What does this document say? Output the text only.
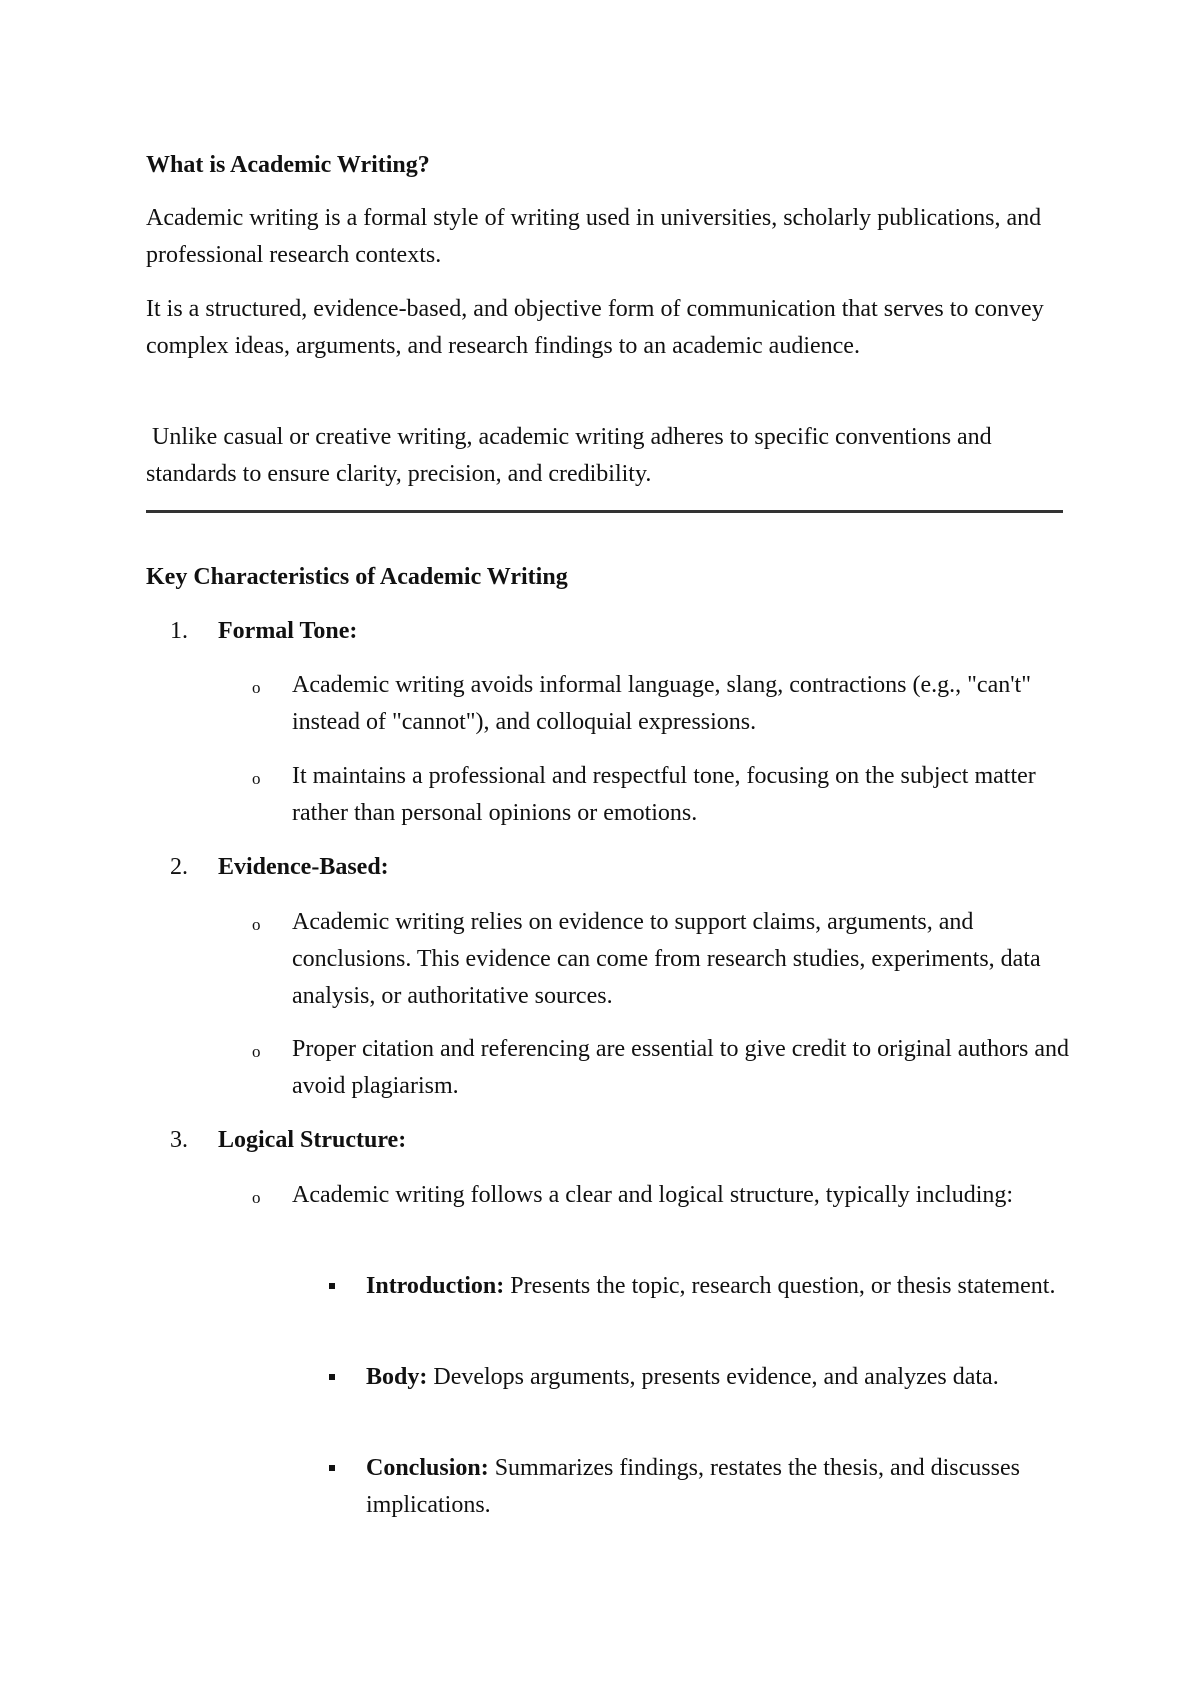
What is Academic Writing?

Academic writing is a formal style of writing used in universities, scholarly publications, and professional research contexts.

It is a structured, evidence-based, and objective form of communication that serves to convey complex ideas, arguments, and research findings to an academic audience.

Unlike casual or creative writing, academic writing adheres to specific conventions and standards to ensure clarity, precision, and credibility.

Key Characteristics of Academic Writing
1. Formal Tone:
o Academic writing avoids informal language, slang, contractions (e.g., "can't" instead of "cannot"), and colloquial expressions.
o It maintains a professional and respectful tone, focusing on the subject matter rather than personal opinions or emotions.
2. Evidence-Based:
o Academic writing relies on evidence to support claims, arguments, and conclusions. This evidence can come from research studies, experiments, data analysis, or authoritative sources.
o Proper citation and referencing are essential to give credit to original authors and avoid plagiarism.
3. Logical Structure:
o Academic writing follows a clear and logical structure, typically including:
Introduction: Presents the topic, research question, or thesis statement.
Body: Develops arguments, presents evidence, and analyzes data.
Conclusion: Summarizes findings, restates the thesis, and discusses implications.
